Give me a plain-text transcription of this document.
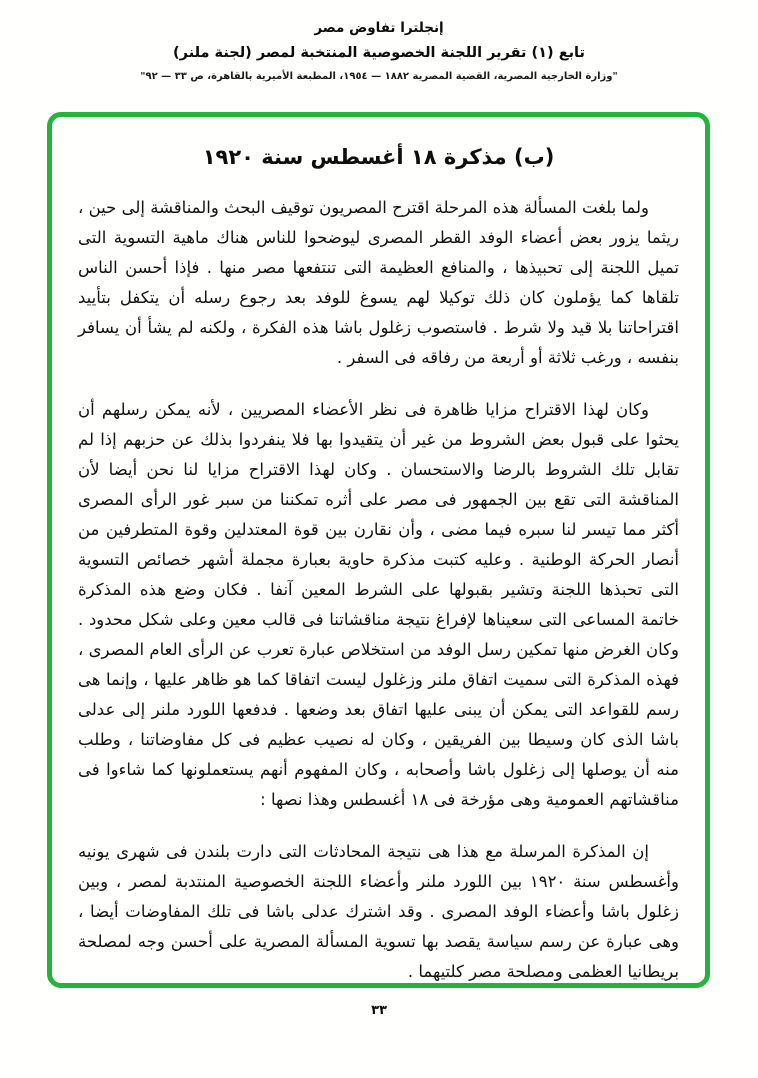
إنجلترا تفاوض مصر
تابع (١) تقرير اللجنة الخصوصية المنتخبة لمصر (لجنة ملنر)
"وزارة الخارجية المصرية، القضية المصرية ١٨٨٢ — ١٩٥٤، المطبعة الأميرية بالقاهرة، ص ٣٣ — ٩٢"
(ب) مذكرة ١٨ أغسطس سنة ١٩٢٠

ولما بلغت المسألة هذه المرحلة اقترح المصريون توقيف البحث والمناقشة إلى حين ، ريثما يزور بعض أعضاء الوفد القطر المصرى ليوضحوا للناس هناك ماهية التسوية التى تميل اللجنة إلى تحبيذها ، والمنافع العظيمة التى تنتفعها مصر منها . فإذا أحسن الناس تلقاها كما يؤملون كان ذلك توكيلا لهم يسوغ للوفد بعد رجوع رسله أن يتكفل بتأييد اقتراحاتنا بلا قيد ولا شرط . فاستصوب زغلول باشا هذه الفكرة ، ولكنه لم يشأ أن يسافر بنفسه ، ورغب ثلاثة أو أربعة من رفاقه فى السفر .

وكان لهذا الاقتراح مزايا ظاهرة فى نظر الأعضاء المصريين ، لأنه يمكن رسلهم أن يحثوا على قبول بعض الشروط من غير أن يتقيدوا بها فلا ينفردوا بذلك عن حزبهم إذا لم تقابل تلك الشروط بالرضا والاستحسان . وكان لهذا الاقتراح مزايا لنا نحن أيضا لأن المناقشة التى تقع بين الجمهور فى مصر على أثره تمكننا من سبر غور الرأى المصرى أكثر مما تيسر لنا سبره فيما مضى ، وأن نقارن بين قوة المعتدلين وقوة المتطرفين من أنصار الحركة الوطنية . وعليه كتبت مذكرة حاوية بعبارة مجملة أشهر خصائص التسوية التى تحبذها اللجنة وتشير بقبولها على الشرط المعين آنفا . فكان وضع هذه المذكرة خاتمة المساعى التى سعيناها لإفراغ نتيجة مناقشاتنا فى قالب معين وعلى شكل محدود . وكان الغرض منها تمكين رسل الوفد من استخلاص عبارة تعرب عن الرأى العام المصرى ، فهذه المذكرة التى سميت اتفاق ملنر وزغلول ليست اتفاقا كما هو ظاهر عليها ، وإنما هى رسم للقواعد التى يمكن أن يبنى عليها اتفاق بعد وضعها . فدفعها اللورد ملنر إلى عدلى باشا الذى كان وسيطا بين الفريقين ، وكان له نصيب عظيم فى كل مفاوضاتنا ، وطلب منه أن يوصلها إلى زغلول باشا وأصحابه ، وكان المفهوم أنهم يستعملونها كما شاءوا فى مناقشاتهم العمومية وهى مؤرخة فى ١٨ أغسطس وهذا نصها :

إن المذكرة المرسلة مع هذا هى نتيجة المحادثات التى دارت بلندن فى شهرى يونيه وأغسطس سنة ١٩٢٠ بين اللورد ملنر وأعضاء اللجنة الخصوصية المنتدبة لمصر ، وبين زغلول باشا وأعضاء الوفد المصرى . وقد اشترك عدلى باشا فى تلك المفاوضات أيضا ، وهى عبارة عن رسم سياسة يقصد بها تسوية المسألة المصرية على أحسن وجه لمصلحة بريطانيا العظمى ومصلحة مصر كلتيهما .

٣٣
